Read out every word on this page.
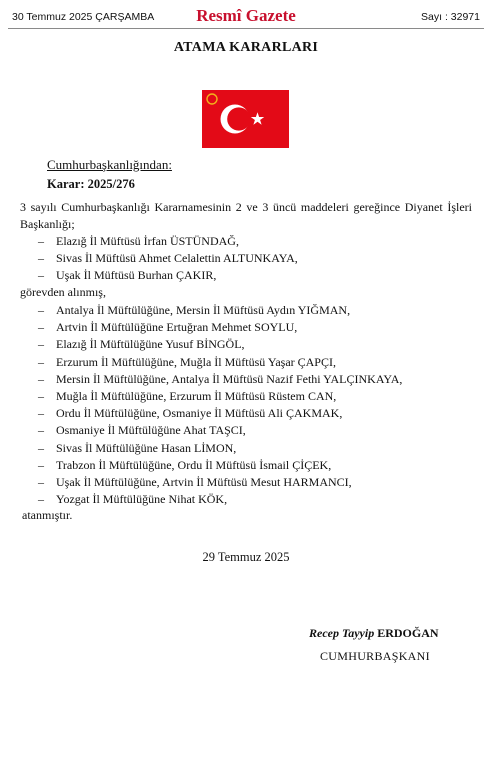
30 Temmuz 2025 ÇARŞAMBA	Resmî Gazete	Sayı : 32971
ATAMA KARARLARI
Cumhurbaşkanlığından:
Karar: 2025/276
3 sayılı Cumhurbaşkanlığı Kararnamesinin 2 ve 3 üncü maddeleri gereğince Diyanet İşleri Başkanlığı;
– Elazığ İl Müftüsü İrfan ÜSTÜNDAĞ,
– Sivas İl Müftüsü Ahmet Celalettin ALTUNKAYA,
– Uşak İl Müftüsü Burhan ÇAKIR,
görevden alınmış,
– Antalya İl Müftülüğüne, Mersin İl Müftüsü Aydın YIĞMAN,
– Artvin İl Müftülüğüne Ertuğran Mehmet SOYLU,
– Elazığ İl Müftülüğüne Yusuf BİNGÖL,
– Erzurum İl Müftülüğüne, Muğla İl Müftüsü Yaşar ÇAPÇI,
– Mersin İl Müftülüğüne, Antalya İl Müftüsü Nazif Fethi YALÇINKAYA,
– Muğla İl Müftülüğüne, Erzurum İl Müftüsü Rüstem CAN,
– Ordu İl Müftülüğüne, Osmaniye İl Müftüsü Ali ÇAKMAK,
– Osmaniye İl Müftülüğüne Ahat TAŞCI,
– Sivas İl Müftülüğüne Hasan LİMON,
– Trabzon İl Müftülüğüne, Ordu İl Müftüsü İsmail ÇİÇEK,
– Uşak İl Müftülüğüne, Artvin İl Müftüsü Mesut HARMANCI,
– Yozgat İl Müftülüğüne Nihat KÖK,
atanmıştır.
29 Temmuz 2025
Recep Tayyip ERDOĞAN
CUMHURBAŞKANI
